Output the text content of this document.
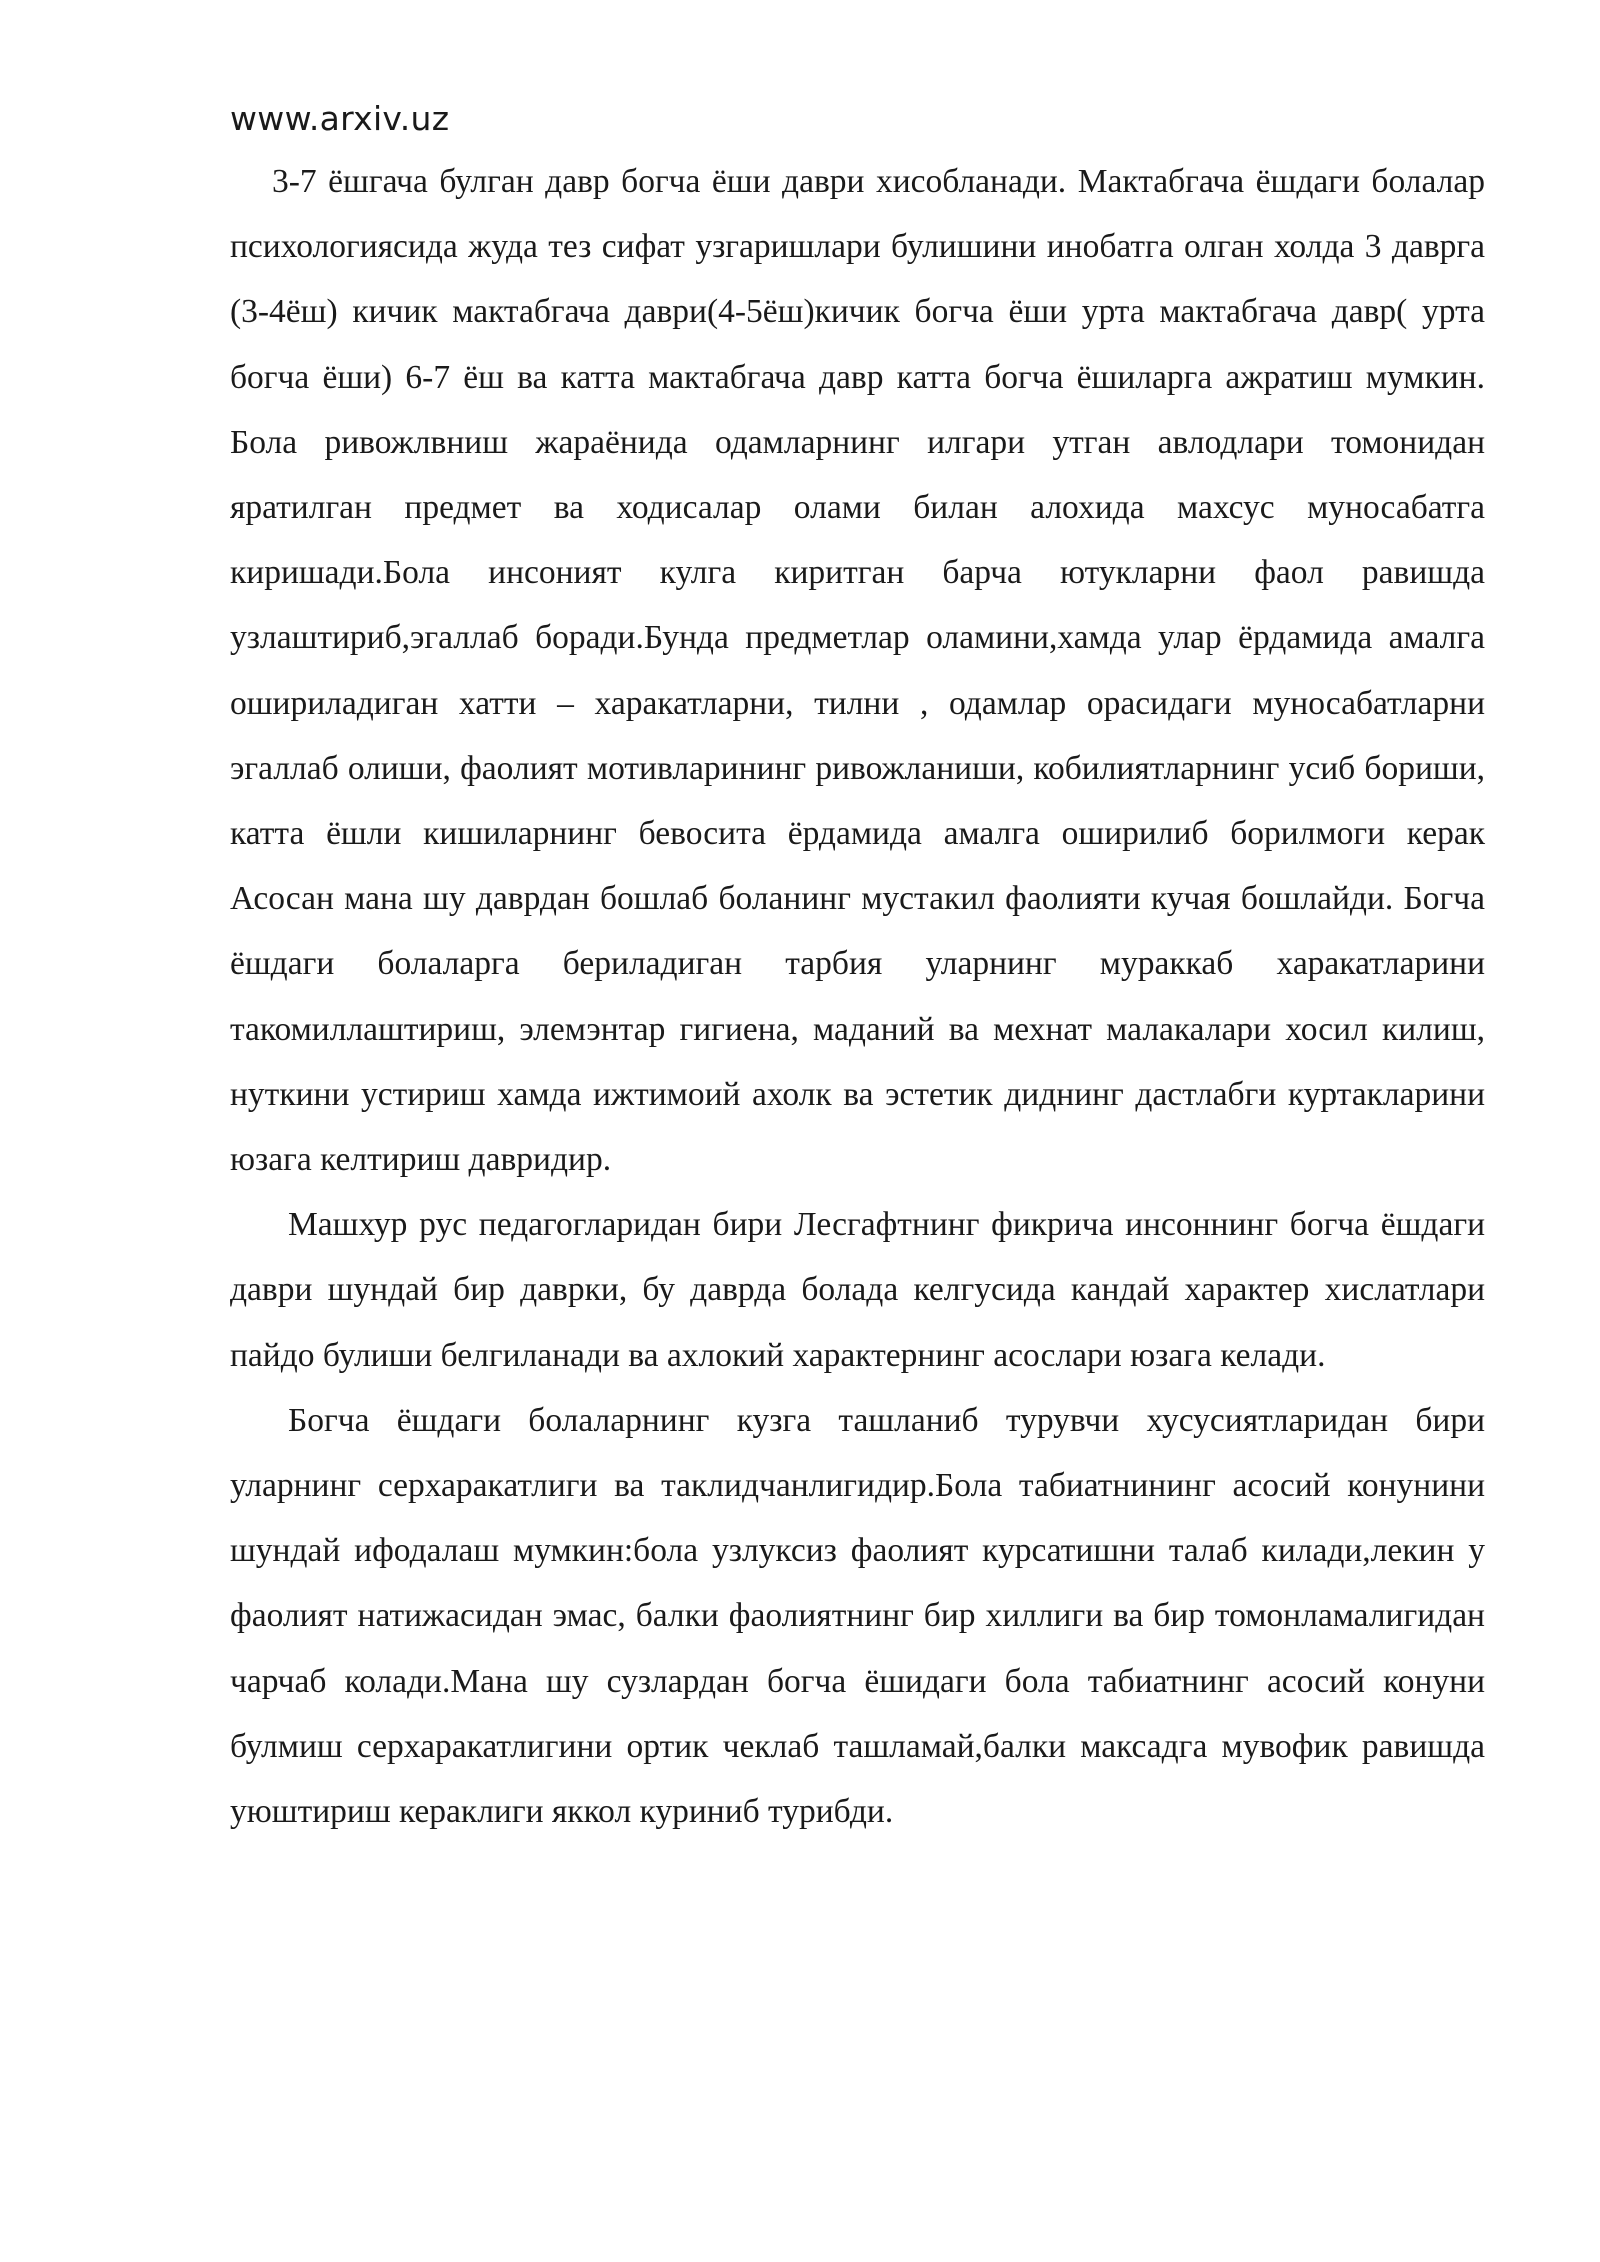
www.arxiv.uz

3-7 ёшгача булган давр богча ёши даври хисобланади. Мактабгача ёшдаги болалар психологиясида жуда тез сифат узгаришлари булишини инобатга олган холда 3 даврга (3-4ёш) кичик мактабгача даври(4-5ёш)кичик богча ёши урта мактабгача давр( урта богча ёши) 6-7 ёш ва катта мактабгача давр катта богча ёшиларга ажратиш мумкин. Бола ривожлвниш жараёнида одамларнинг илгари утган авлодлари томонидан яратилган предмет ва ходисалар олами билан алохида махсус муносабатга киришади.Бола инсоният кулга киритган барча ютукларни фаол равишда узлаштириб,эгаллаб боради.Бунда предметлар оламини,хамда улар ёрдамида амалга ошириладиган хатти – харакатларни, тилни , одамлар орасидаги муносабатларни эгаллаб олиши, фаолият мотивларининг ривожланиши, кобилиятларнинг усиб бориши, катта ёшли кишиларнинг бевосита ёрдамида амалга оширилиб борилмоги керак Асосан мана шу даврдан бошлаб боланинг мустакил фаолияти кучая бошлайди. Богча ёшдаги болаларга бериладиган тарбия уларнинг мураккаб харакатларини такомиллаштириш, элемэнтар гигиена, маданий ва мехнат малакалари хосил килиш, нуткини устириш хамда ижтимоий ахолк ва эстетик диднинг дастлабги куртакларини юзага келтириш давридир.

Машхур рус педагогларидан бири Лесгафтнинг фикрича инсоннинг богча ёшдаги даври шундай бир даврки, бу даврда болада келгусида кандай характер хислатлари пайдо булиши белгиланади ва ахлокий характернинг асослари юзага келади.

Богча ёшдаги болаларнинг кузга ташланиб турувчи хусусиятларидан бири уларнинг серхаракатлиги ва таклидчанлигидир.Бола табиатнининг асосий конунини шундай ифодалаш мумкин:бола узлуксиз фаолият курсатишни талаб килади,лекин у фаолият натижасидан эмас, балки фаолиятнинг бир хиллиги ва бир томонламалигидан чарчаб колади.Мана шу сузлардан богча ёшидаги бола табиатнинг асосий конуни булмиш серхаракатлигини ортик чеклаб ташламай,балки максадга мувофик равишда уюштириш кераклиги яккол куриниб турибди.
